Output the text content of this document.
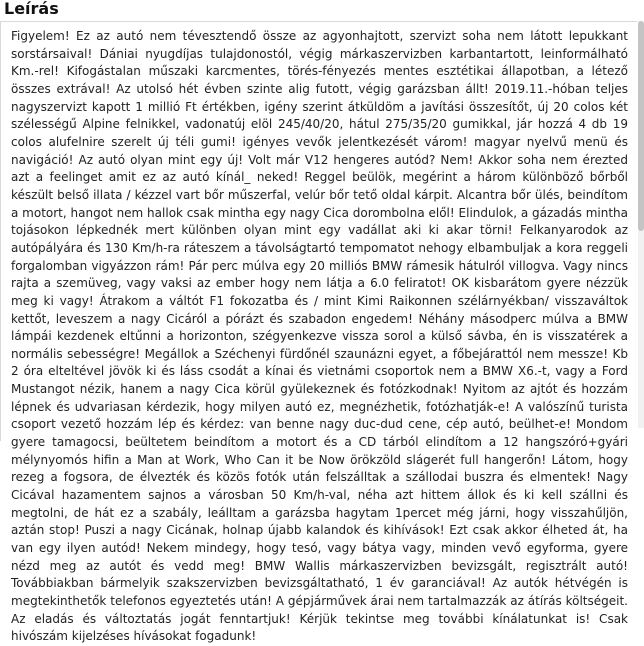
Leírás
Figyelem! Ez az autó nem tévesztendő össze az agyonhajtott, szervizt soha nem látott lepukkant sorstársaival! Dániai nyugdíjas tulajdonostól, végig márkaszervizben karbantartott, leinformálható Km.-rel! Kifogástalan műszaki karcmentes, törés-fényezés mentes esztétikai állapotban, a létező összes extrával! Az utolsó hét évben szinte alig futott, végig garázsban állt! 2019.11.-hóban teljes nagyszervizt kapott 1 millió Ft értékben, igény szerint átküldöm a javítási összesítőt, új 20 colos két szélességű Alpine felnikkel, vadonatúj elöl 245/40/20, hátul 275/35/20 gumikkal, jár hozzá 4 db 19 colos alufelnire szerelt új téli gumi! igényes vevők jelentkezését várom! magyar nyelvű menü és navigáció! Az autó olyan mint egy új! Volt már V12 hengeres autód? Nem! Akkor soha nem érezted azt a feelinget amit ez az autó kínál_ neked! Reggel beülök, megérint a három különböző bőrből készült belső illata / kézzel vart bőr műszerfal, velúr bőr tető oldal kárpit. Alcantra bőr ülés, beindítom a motort, hangot nem hallok csak mintha egy nagy Cica dorombolna elől! Elindulok, a gázadás mintha tojásokon lépkednék mert különben olyan mint egy vadállat aki ki akar törni! Felkanyarodok az autópályára és 130 Km/h-ra ráteszem a távolságtartó tempomatot nehogy elbambuljak a kora reggeli forgalomban vigyázzon rám! Pár perc múlva egy 20 milliós BMW rámesik hátulról villogva. Vagy nincs rajta a szemüveg, vagy vaksi az ember hogy nem látja a 6.0 feliratot! OK kisbarátom gyere nézzük meg ki vagy! Átrakom a váltót F1 fokozatba és / mint Kimi Raikonnen szélárnyékban/ visszaváltok kettőt, leveszem a nagy Cicáról a pórázt és szabadon engedem! Néhány másodperc múlva a BMW lámpái kezdenek eltűnni a horizonton, szégyenkezve vissza sorol a külső sávba, én is visszatérek a normális sebességre! Megállok a Széchenyi fürdőnél szaunázni egyet, a főbejárattól nem messze! Kb 2 óra elteltével jövök ki és láss csodát a kínai és vietnámi csoportok nem a BMW X6.-t, vagy a Ford Mustangot nézik, hanem a nagy Cica körül gyülekeznek és fotózkodnak! Nyitom az ajtót és hozzám lépnek és udvariasan kérdezik, hogy milyen autó ez, megnézhetik, fotózhatják-e! A valószínű turista csoport vezető hozzám lép és kérdez: van benne nagy duc-dud cene, cép autó, beülhet-e! Mondom gyere tamagocsi, beültetem beindítom a motort és a CD tárból elindítom a 12 hangszóró+gyári mélynyomós hifin a Man at Work, Who Can it be Now örökzöld slágerét full hangerőn! Látom, hogy rezeg a fogsora, de élvezték és közös fotók után felszálltak a szállodai buszra és elmentek! Nagy Cicával hazamentem sajnos a városban 50 Km/h-val, néha azt hittem állok és ki kell szállni és megtolni, de hát ez a szabály, leálltam a garázsba hagytam 1percet még járni, hogy visszahűljön, aztán stop! Puszi a nagy Cicának, holnap újabb kalandok és kihívások! Ezt csak akkor élheted át, ha van egy ilyen autód! Nekem mindegy, hogy tesó, vagy bátya vagy, minden vevő egyforma, gyere nézd meg az autót és vedd meg! BMW Wallis márkaszervizben bevizsgált, regisztrált autó! Továbbiakban bármelyik szakszervizben bevizsgáltatható, 1 év garanciával! Az autók hétvégén is megtekinthetők telefonos egyeztetés után! A gépjárművek árai nem tartalmazzák az átírás költségeit. Az eladás és változtatás jogát fenntartjuk! Kérjük tekintse meg további kínálatunkat is! Csak hivószám kijelzéses hívásokat fogadunk!
